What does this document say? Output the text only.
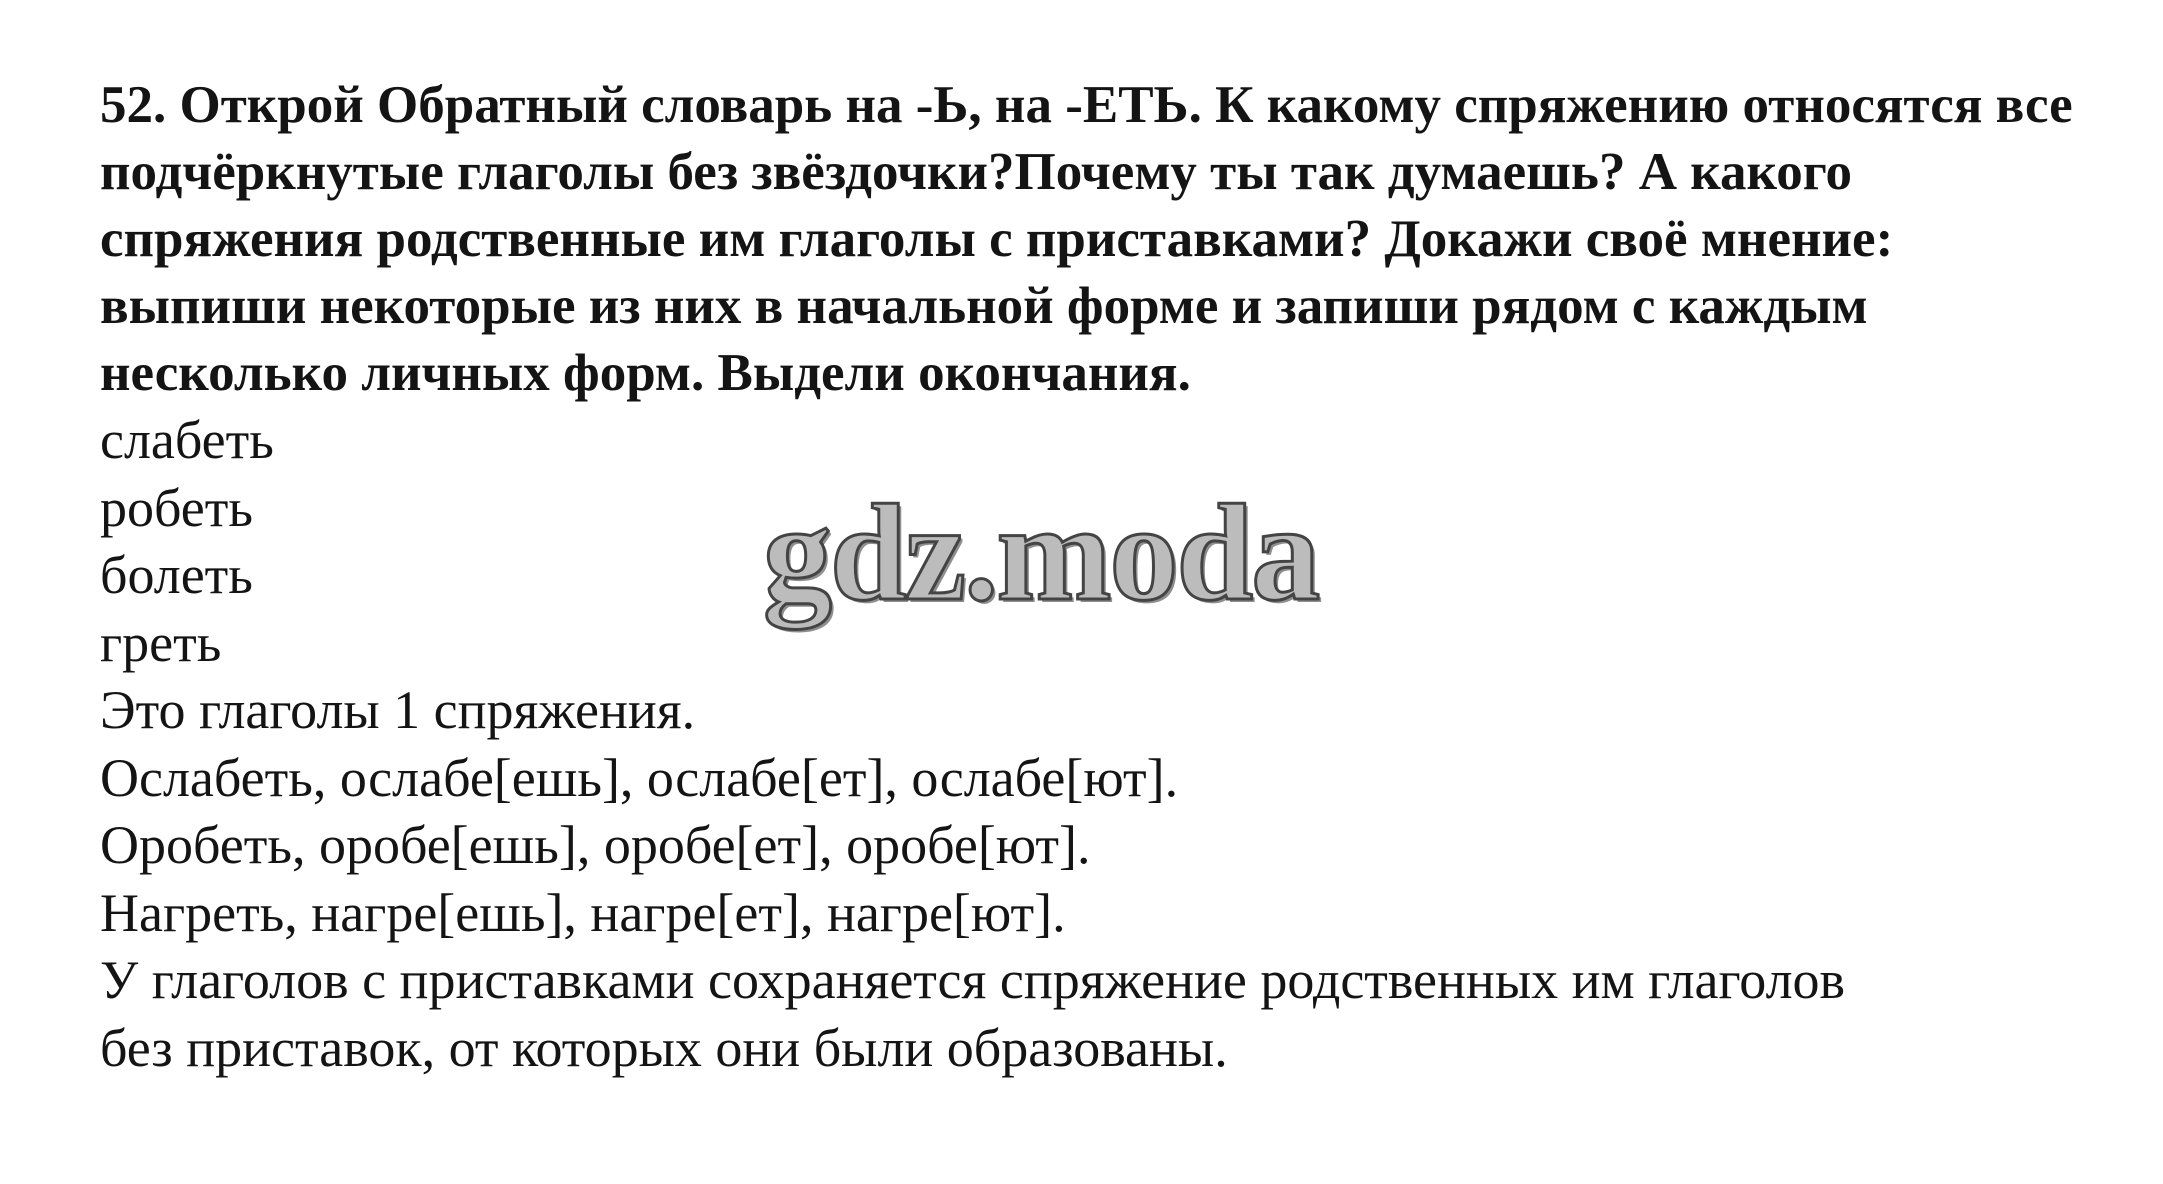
52. Открой Обратный словарь на -Ь, на -ЕТЬ. К какому спряжению относятся все подчёркнутые глаголы без звёздочки?Почему ты так думаешь? А какого спряжения родственные им глаголы с приставками? Докажи своё мнение: выпиши некоторые из них в начальной форме и запиши рядом с каждым несколько личных форм. Выдели окончания.

слабеть
робеть
болеть
греть
Это глаголы 1 спряжения.
Ослабеть, ослабе[ешь], ослабе[ет], ослабе[ют].
Оробеть, оробе[ешь], оробе[ет], оробе[ют].
Нагреть, нагре[ешь], нагре[ет], нагре[ют].
У глаголов с приставками сохраняется спряжение родственных им глаголов
без приставок, от которых они были образованы.
gdz.moda
